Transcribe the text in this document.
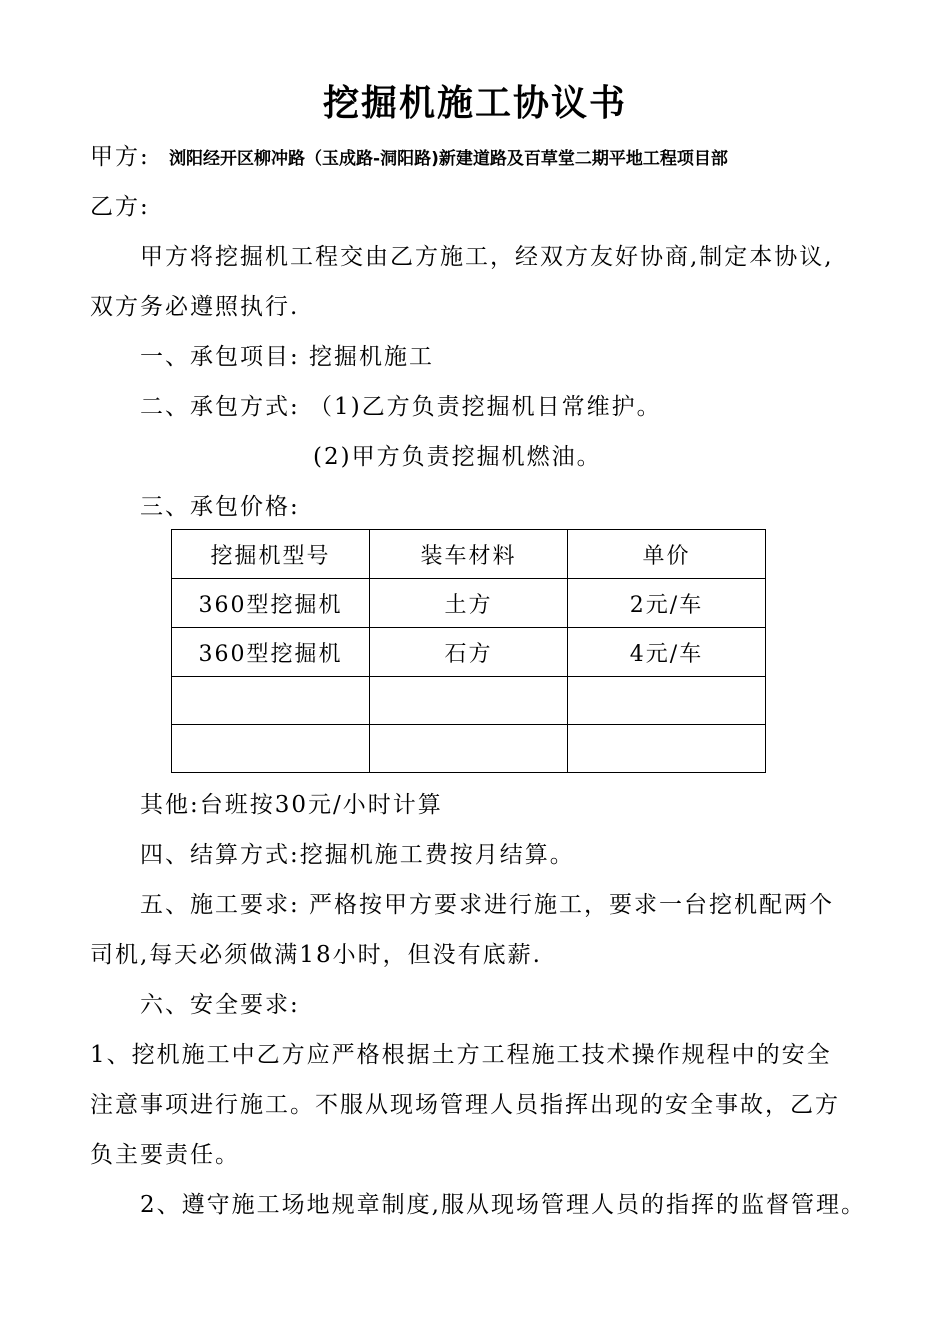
挖掘机施工协议书
甲方: 浏阳经开区柳冲路（玉成路-洞阳路)新建道路及百草堂二期平地工程项目部
乙方:
甲方将挖掘机工程交由乙方施工，经双方友好协商,制定本协议,
双方务必遵照执行.
一、承包项目: 挖掘机施工
二、承包方式: （1)乙方负责挖掘机日常维护。
(2)甲方负责挖掘机燃油。
三、承包价格:
挖掘机型号	装车材料	单价
360型挖掘机	土方	2元/车
360型挖掘机	石方	4元/车

其他:台班按30元/小时计算
四、结算方式:挖掘机施工费按月结算。
五、施工要求: 严格按甲方要求进行施工，要求一台挖机配两个
司机,每天必须做满18小时，但没有底薪.
六、安全要求:
1、挖机施工中乙方应严格根据土方工程施工技术操作规程中的安全
注意事项进行施工。不服从现场管理人员指挥出现的安全事故，乙方
负主要责任。
2、遵守施工场地规章制度,服从现场管理人员的指挥的监督管理。
